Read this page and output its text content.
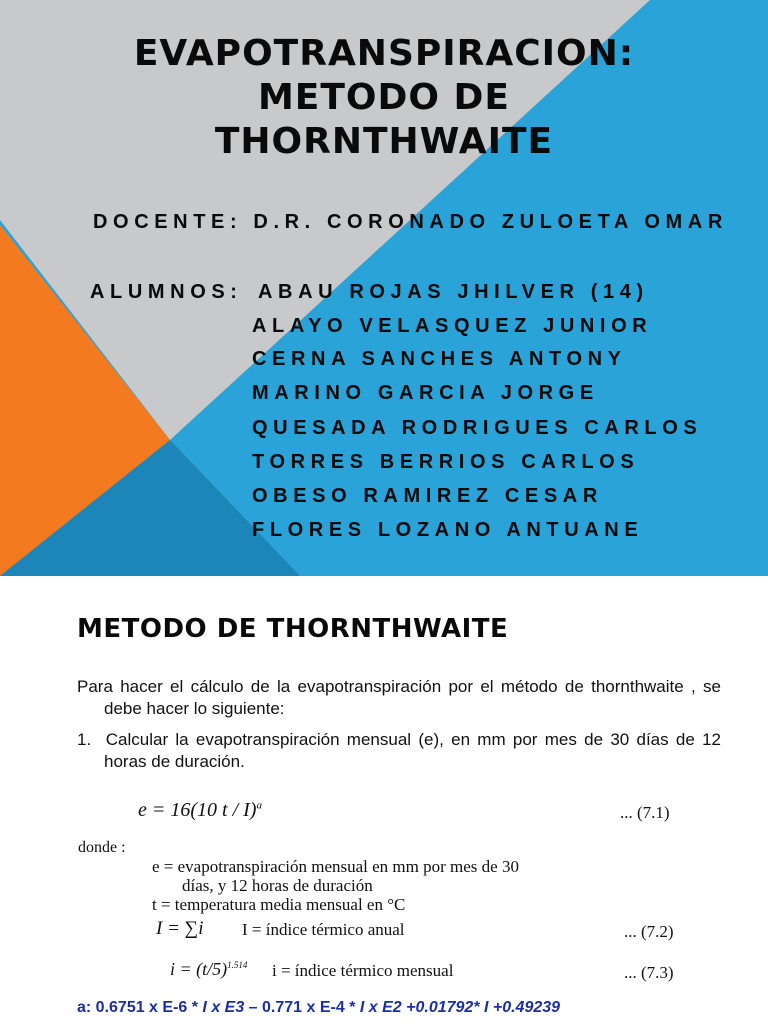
EVAPOTRANSPIRACION:
METODO DE
THORNTHWAITE
DOCENTE: D.R. CORONADO ZULOETA OMAR
ALUMNOS: ABAU ROJAS JHILVER (14)
ALAYO VELASQUEZ JUNIOR
CERNA SANCHES ANTONY
MARINO GARCIA JORGE
QUESADA RODRIGUES CARLOS
TORRES BERRIOS CARLOS
OBESO RAMIREZ CESAR
FLORES LOZANO ANTUANE
METODO DE THORNTHWAITE
Para hacer el cálculo de la evapotranspiración por el método de thornthwaite , se debe hacer lo siguiente:
1. Calcular la evapotranspiración mensual (e), en mm por mes de 30 días de 12 horas de duración.
e = 16(10 t / I)$^a$	... (7.1)
donde :
e = evapotranspiración mensual en mm por mes de 30
días, y 12 horas de duración
t = temperatura media mensual en °C
I = ∑i I = índice térmico anual	... (7.2)
$i = (t/5)^{1.514}$ i = índice térmico mensual	... (7.3)
a: 0.6751 x E-6 * I x E3 – 0.771 x E-4 * I x E2 +0.01792* I +0.49239
